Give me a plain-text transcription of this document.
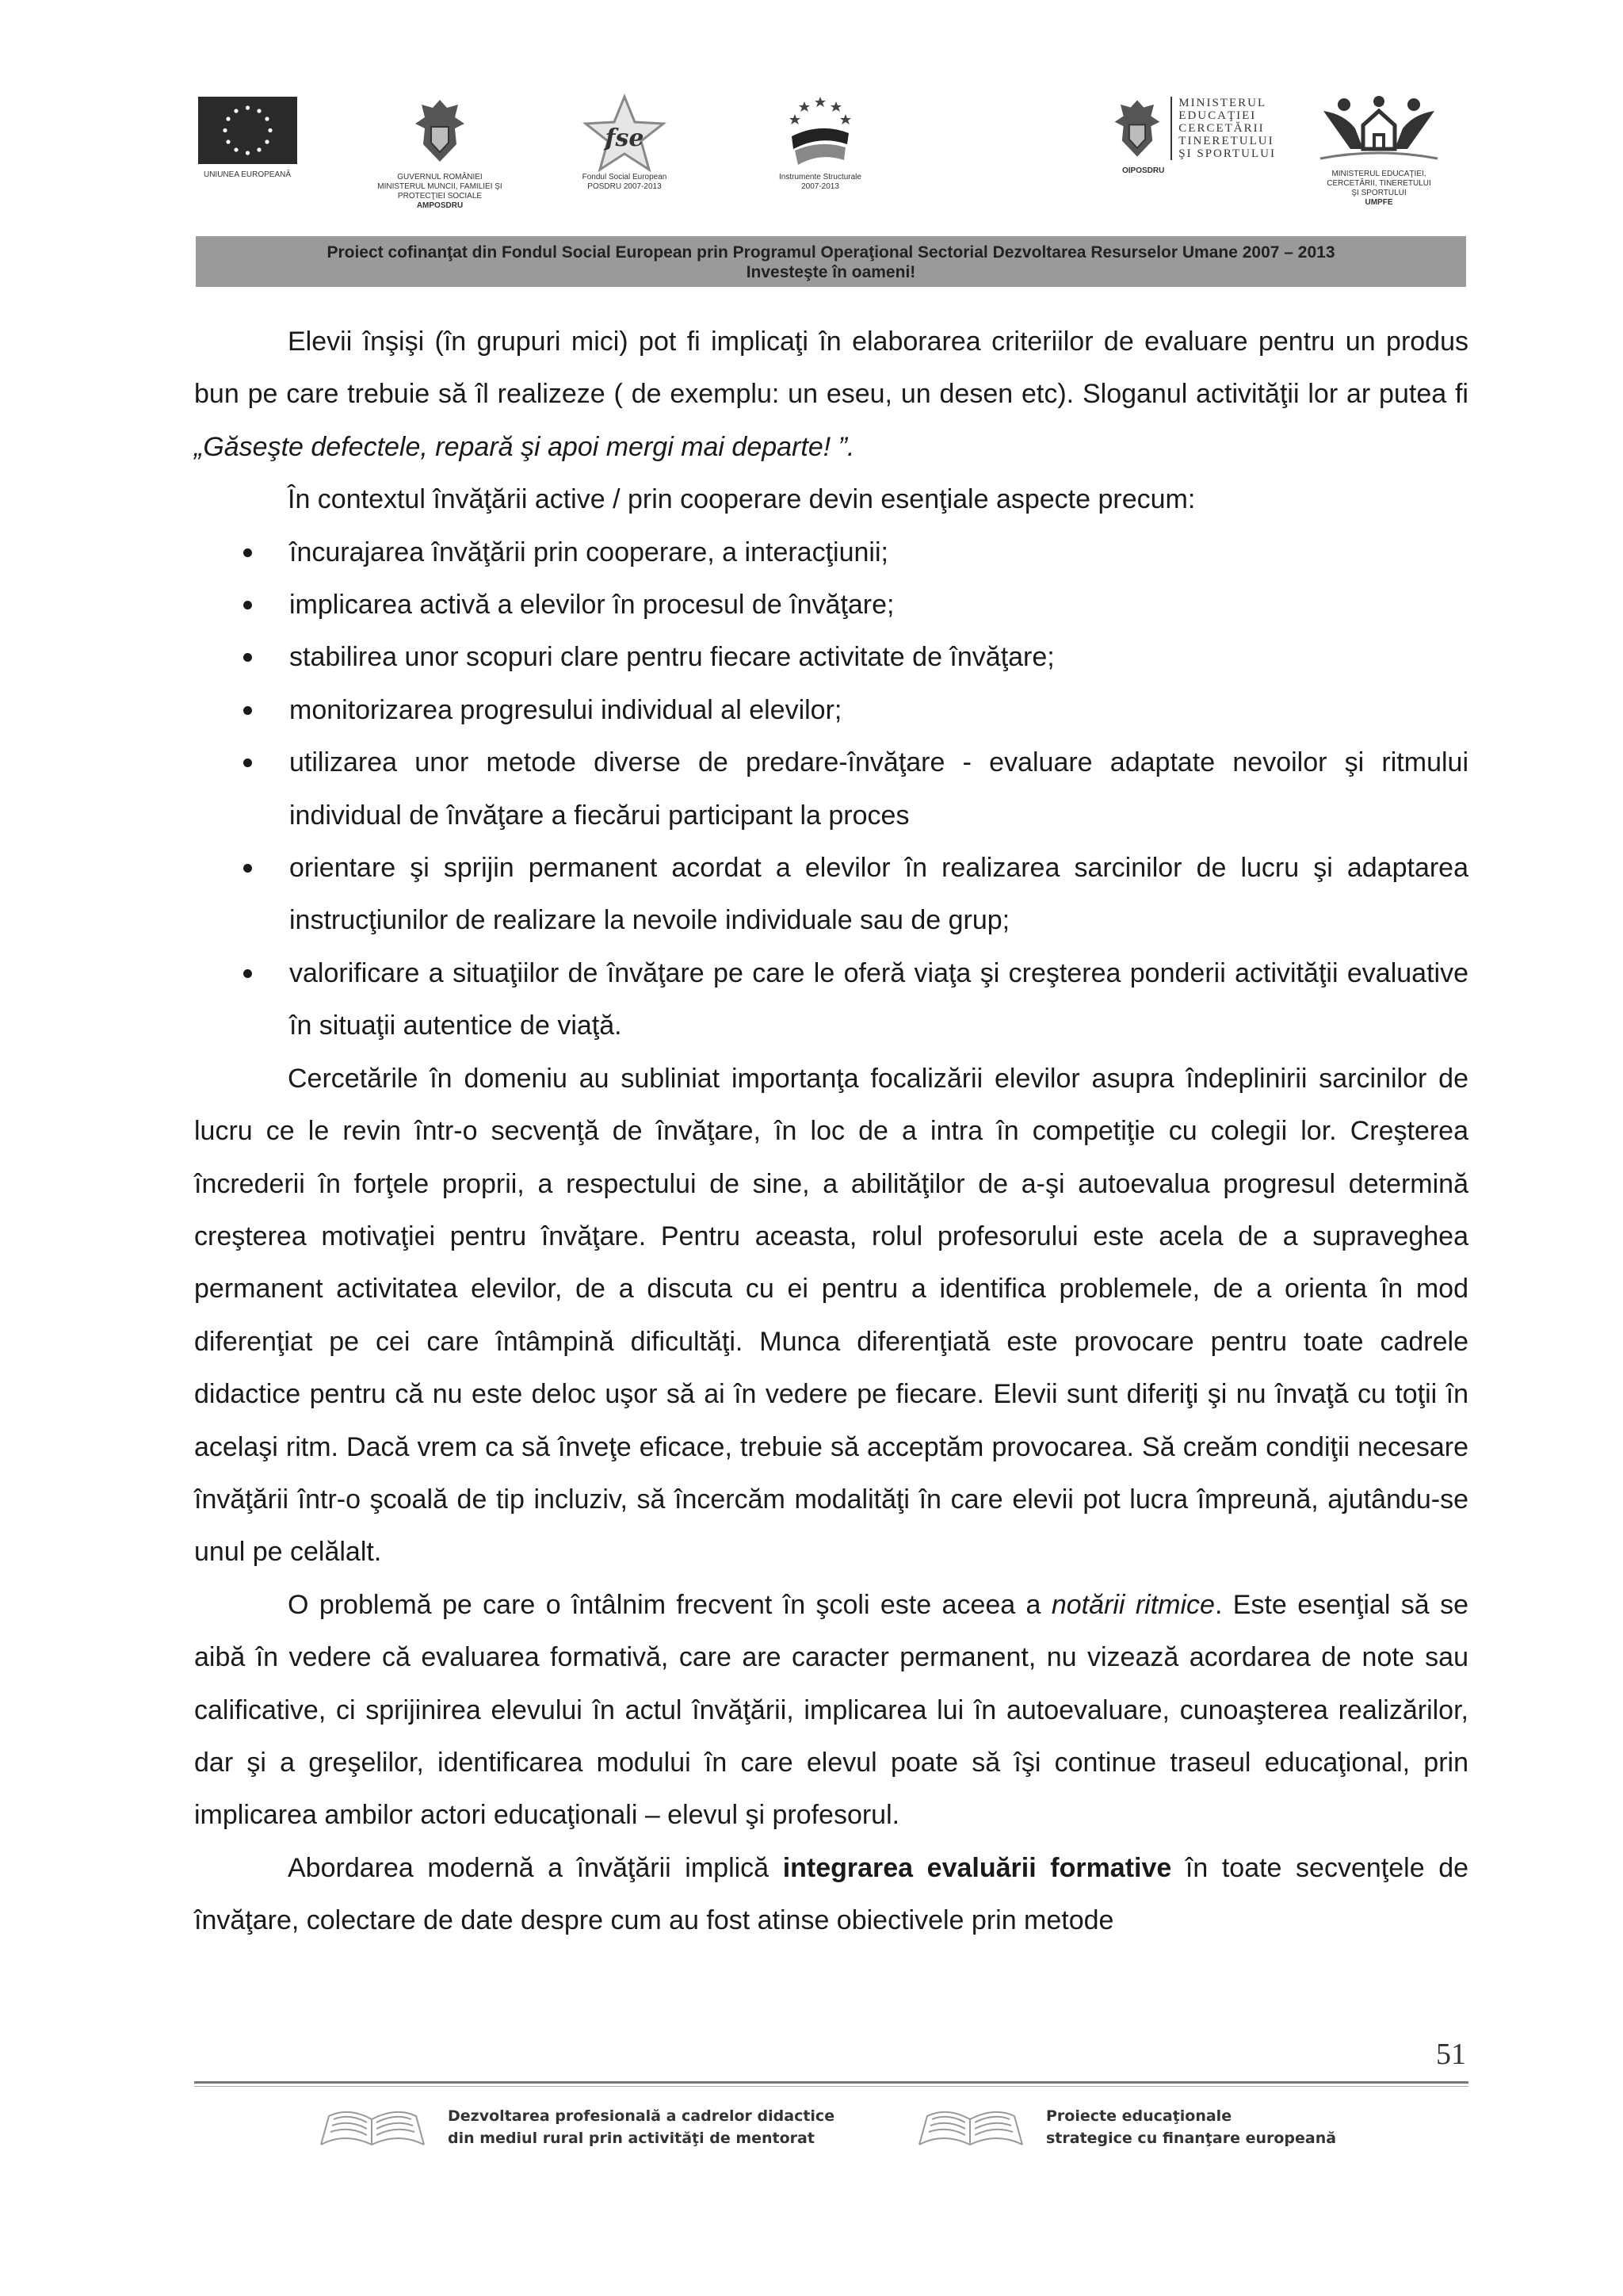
UNIUNEA EUROPEANĂ	GUVERNUL ROMÂNIEI
MINISTERUL MUNCII, FAMILIEI ŞI
PROTECŢIEI SOCIALE
AMPOSDRU
fse
Fondul Social European
POSDRU 2007-2013
Instrumente Structurale
2007-2013
MINISTERUL
EDUCAŢIEI
CERCETĂRII
TINERETULUI
ŞI SPORTULUI
OIPOSDRU	MINISTERUL EDUCAŢIEI,
CERCETĂRII, TINERETULUI
ŞI SPORTULUI
UMPFE
Proiect cofinanţat din Fondul Social European prin Programul Operaţional Sectorial Dezvoltarea Resurselor Umane 2007 – 2013
Investeşte în oameni!

Elevii înşişi (în grupuri mici) pot fi implicaţi în elaborarea criteriilor de evaluare pentru un produs bun pe care trebuie să îl realizeze ( de exemplu: un eseu, un desen etc). Sloganul activităţii lor ar putea fi „Găseşte defectele, repară şi apoi mergi mai departe! ”.

În contextul învăţării active / prin cooperare devin esenţiale aspecte precum:

încurajarea învăţării prin cooperare, a interacţiunii;
implicarea activă a elevilor în procesul de învăţare;
stabilirea unor scopuri clare pentru fiecare activitate de învăţare;
monitorizarea progresului individual al elevilor;
utilizarea unor metode diverse de predare-învăţare - evaluare adaptate nevoilor şi ritmului individual de învăţare a fiecărui participant la proces
orientare şi sprijin permanent acordat a elevilor în realizarea sarcinilor de lucru şi adaptarea instrucţiunilor de realizare la nevoile individuale sau de grup;
valorificare a situaţiilor de învăţare pe care le oferă viaţa şi creşterea ponderii activităţii evaluative în situaţii autentice de viaţă.

Cercetările în domeniu au subliniat importanţa focalizării elevilor asupra îndeplinirii sarcinilor de lucru ce le revin într-o secvenţă de învăţare, în loc de a intra în competiţie cu colegii lor. Creşterea încrederii în forţele proprii, a respectului de sine, a abilităţilor de a-şi autoevalua progresul determină creşterea motivaţiei pentru învăţare. Pentru aceasta, rolul profesorului este acela de a supraveghea permanent activitatea elevilor, de a discuta cu ei pentru a identifica problemele, de a orienta în mod diferenţiat pe cei care întâmpină dificultăţi. Munca diferenţiată este provocare pentru toate cadrele didactice pentru că nu este deloc uşor să ai în vedere pe fiecare. Elevii sunt diferiţi şi nu învaţă cu toţii în acelaşi ritm. Dacă vrem ca să înveţe eficace, trebuie să acceptăm provocarea. Să creăm condiţii necesare învăţării într-o şcoală de tip incluziv, să încercăm modalităţi în care elevii pot lucra împreună, ajutându-se unul pe celălalt.

O problemă pe care o întâlnim frecvent în şcoli este aceea a notării ritmice. Este esenţial să se aibă în vedere că evaluarea formativă, care are caracter permanent, nu vizează acordarea de note sau calificative, ci sprijinirea elevului în actul învăţării, implicarea lui în autoevaluare, cunoaşterea realizărilor, dar şi a greşelilor, identificarea modului în care elevul poate să îşi continue traseul educaţional, prin implicarea ambilor actori educaţionali – elevul şi profesorul.

Abordarea modernă a învăţării implică integrarea evaluării formative în toate secvenţele de învăţare, colectare de date despre cum au fost atinse obiectivele prin metode

51
Dezvoltarea profesională a cadrelor didactice
din mediul rural prin activităţi de mentorat
Proiecte educaţionale
strategice cu finanţare europeană
